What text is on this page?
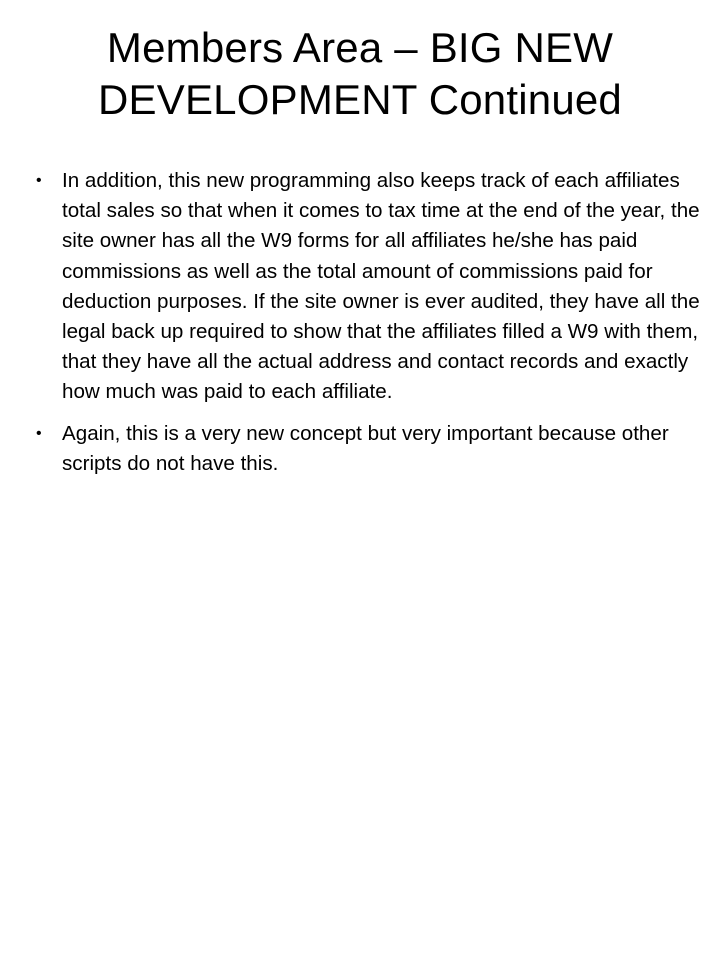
Members Area – BIG NEW DEVELOPMENT Continued
• In addition, this new programming also keeps track of each affiliates total sales so that when it comes to tax time at the end of the year, the site owner has all the W9 forms for all affiliates he/she has paid commissions as well as the total amount of commissions paid for deduction purposes. If the site owner is ever audited, they have all the legal back up required to show that the affiliates filled a W9 with them, that they have all the actual address and contact records and exactly how much was paid to each affiliate.
• Again, this is a very new concept but very important because other scripts do not have this.
